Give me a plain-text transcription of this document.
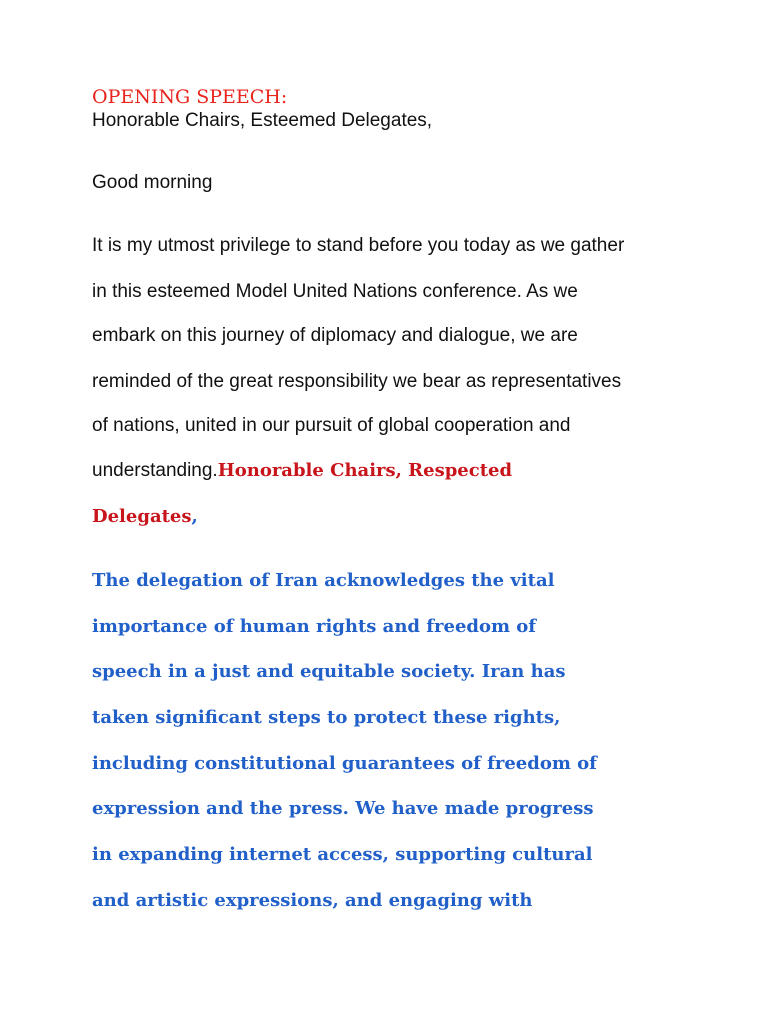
OPENING SPEECH:
Honorable Chairs, Esteemed Delegates,
Good morning
It is my utmost privilege to stand before you today as we gather
in this esteemed Model United Nations conference. As we
embark on this journey of diplomacy and dialogue, we are
reminded of the great responsibility we bear as representatives
of nations, united in our pursuit of global cooperation and
understanding.Honorable Chairs, Respected
Delegates,
The delegation of Iran acknowledges the vital
importance of human rights and freedom of
speech in a just and equitable society. Iran has
taken significant steps to protect these rights,
including constitutional guarantees of freedom of
expression and the press. We have made progress
in expanding internet access, supporting cultural
and artistic expressions, and engaging with
